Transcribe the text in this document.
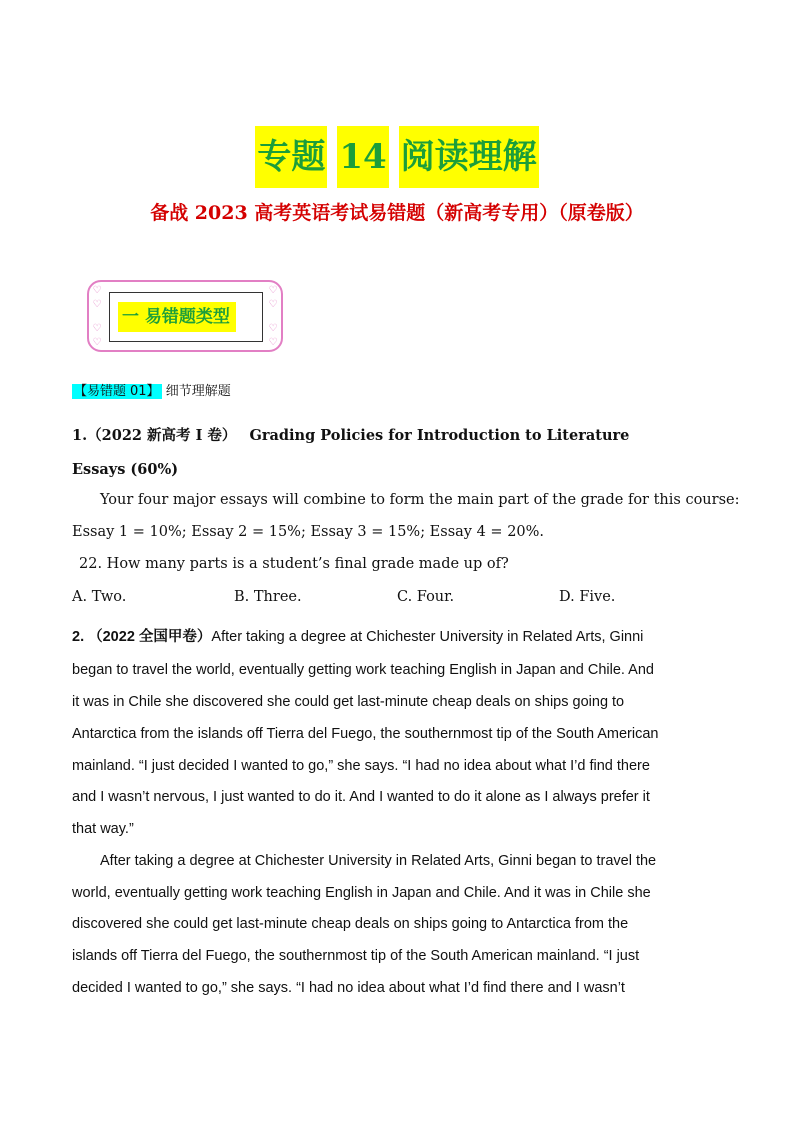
专题 14 阅读理解
备战 2023 高考英语考试易错题（新高考专用）（原卷版）
♡
♡
♡
♡
♡
♡
♡
♡
一 易错题类型
【易错题 01】 细节理解题
1.（2022 新高考 I 卷） Grading Policies for Introduction to Literature
Essays (60%)
Your four major essays will combine to form the main part of the grade for this course:
Essay 1 = 10%; Essay 2 = 15%; Essay 3 = 15%; Essay 4 = 20%.
22. How many parts is a student’s final grade made up of?
A. Two.	B. Three.	C. Four.	D. Five.
2. （2022 全国甲卷）After taking a degree at Chichester University in Related Arts, Ginni
began to travel the world, eventually getting work teaching English in Japan and Chile. And
it was in Chile she discovered she could get last-minute cheap deals on ships going to
Antarctica from the islands off Tierra del Fuego, the southernmost tip of the South American
mainland. “I just decided I wanted to go,” she says. “I had no idea about what I’d find there
and I wasn’t nervous, I just wanted to do it. And I wanted to do it alone as I always prefer it
that way.”
After taking a degree at Chichester University in Related Arts, Ginni began to travel the
world, eventually getting work teaching English in Japan and Chile. And it was in Chile she
discovered she could get last-minute cheap deals on ships going to Antarctica from the
islands off Tierra del Fuego, the southernmost tip of the South American mainland. “I just
decided I wanted to go,” she says. “I had no idea about what I’d find there and I wasn’t
